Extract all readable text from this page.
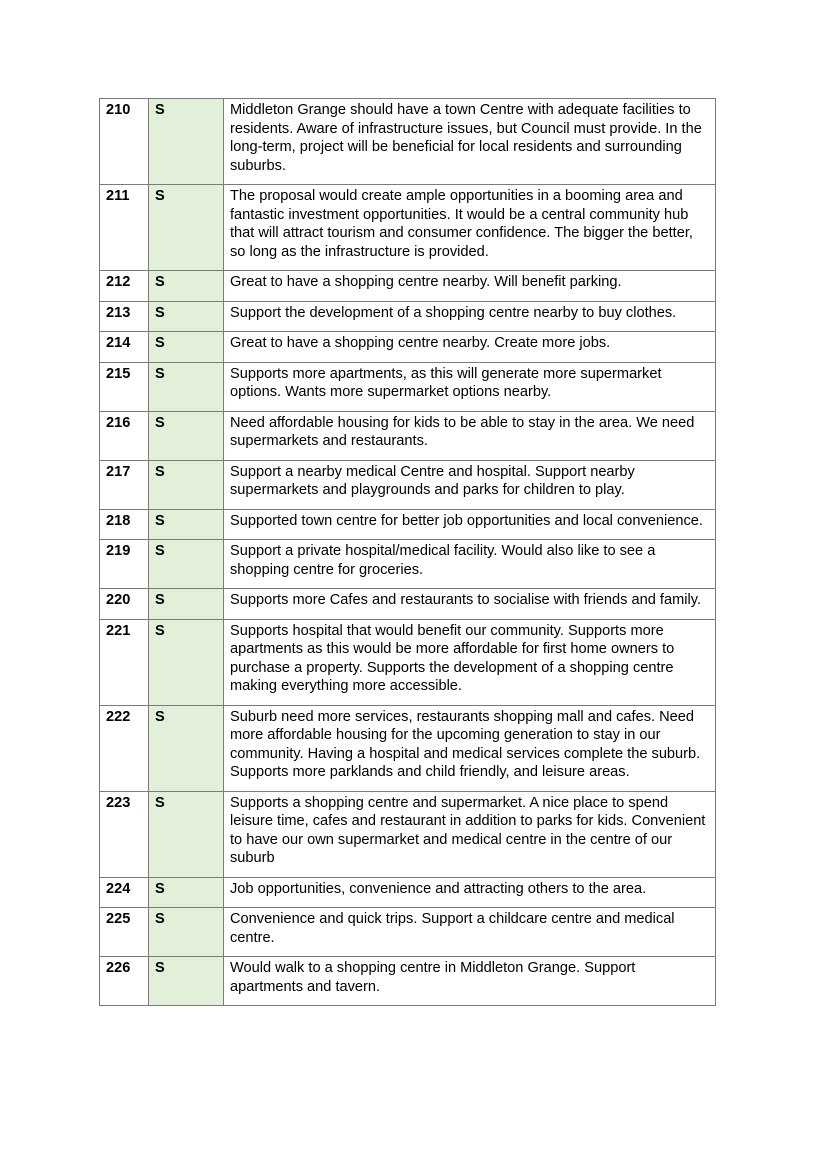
210	S	Middleton Grange should have a town Centre with adequate facilities to residents. Aware of infrastructure issues, but Council must provide. In the long-term, project will be beneficial for local residents and surrounding suburbs.
211	S	The proposal would create ample opportunities in a booming area and fantastic investment opportunities. It would be a central community hub that will attract tourism and consumer confidence. The bigger the better, so long as the infrastructure is provided.
212	S	Great to have a shopping centre nearby. Will benefit parking.
213	S	Support the development of a shopping centre nearby to buy clothes.
214	S	Great to have a shopping centre nearby. Create more jobs.
215	S	Supports more apartments, as this will generate more supermarket options. Wants more supermarket options nearby.
216	S	Need affordable housing for kids to be able to stay in the area. We need supermarkets and restaurants.
217	S	Support a nearby medical Centre and hospital. Support nearby supermarkets and playgrounds and parks for children to play.
218	S	Supported town centre for better job opportunities and local convenience.
219	S	Support a private hospital/medical facility. Would also like to see a shopping centre for groceries.
220	S	Supports more Cafes and restaurants to socialise with friends and family.
221	S	Supports hospital that would benefit our community. Supports more apartments as this would be more affordable for first home owners to purchase a property. Supports the development of a shopping centre making everything more accessible.
222	S	Suburb need more services, restaurants shopping mall and cafes. Need more affordable housing for the upcoming generation to stay in our community. Having a hospital and medical services complete the suburb. Supports more parklands and child friendly, and leisure areas.
223	S	Supports a shopping centre and supermarket. A nice place to spend leisure time, cafes and restaurant in addition to parks for kids. Convenient to have our own supermarket and medical centre in the centre of our suburb
224	S	Job opportunities, convenience and attracting others to the area.
225	S	Convenience and quick trips. Support a childcare centre and medical centre.
226	S	Would walk to a shopping centre in Middleton Grange. Support apartments and tavern.
